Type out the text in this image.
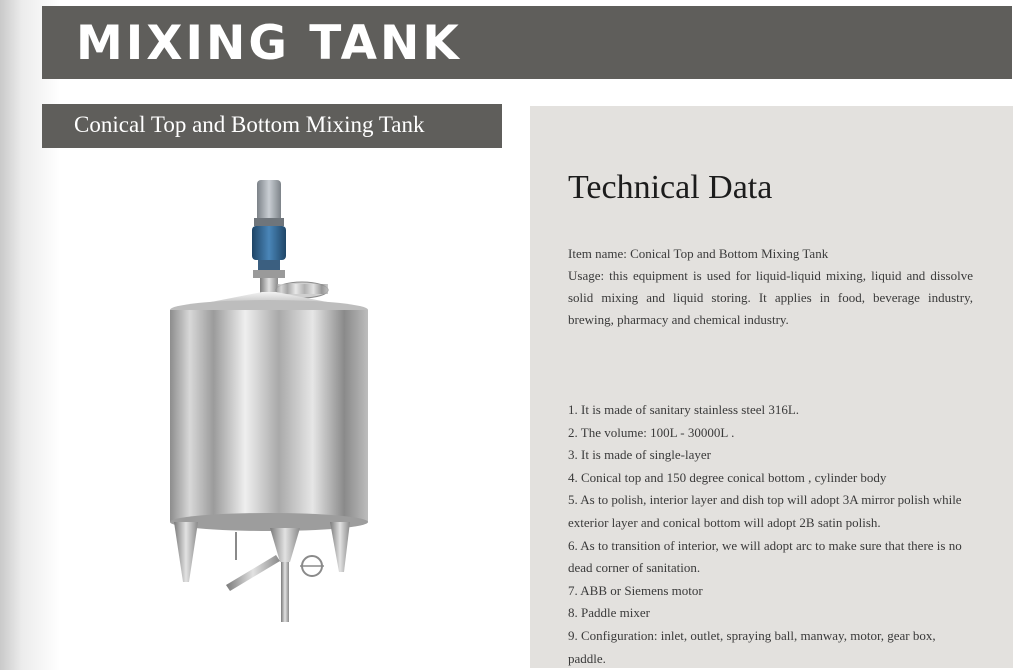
MIXING TANK
Conical Top and Bottom Mixing Tank
Technical Data

Item name: Conical Top and Bottom Mixing Tank

Usage: this equipment is used for liquid-liquid mixing, liquid and dissolve solid mixing and liquid storing. It applies in food, beverage industry, brewing, pharmacy and chemical industry.

1. It is made of sanitary stainless steel 316L.

2. The volume: 100L - 30000L .

3. It is made of single-layer

4. Conical top and 150 degree conical bottom , cylinder body

5. As to polish, interior layer and dish top will adopt 3A mirror polish while exterior layer and conical bottom will adopt 2B satin polish.

6. As to transition of interior, we will adopt arc to make sure that there is no dead corner of sanitation.

7. ABB or Siemens motor

8. Paddle mixer

9. Configuration: inlet, outlet, spraying ball, manway, motor, gear box, paddle.
